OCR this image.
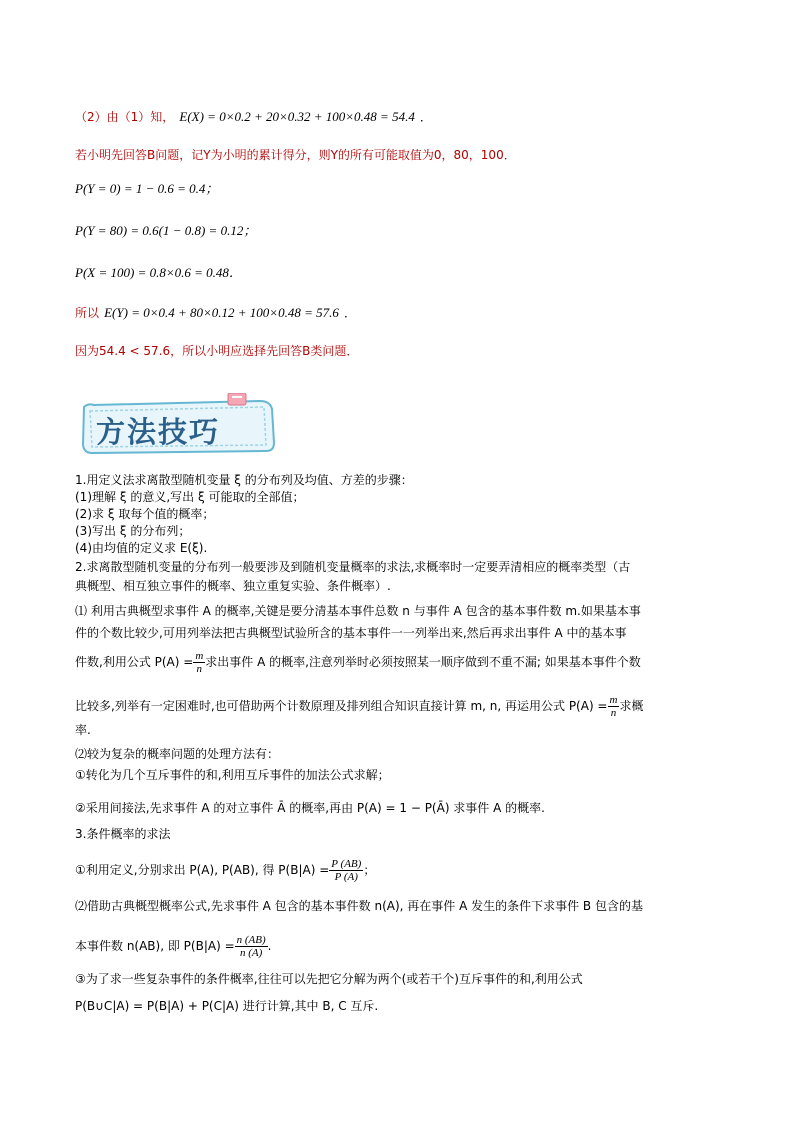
（2）由（1）知， E(X) = 0×0.2 + 20×0.32 + 100×0.48 = 54.4 ．
若小明先回答B问题，记Y为小明的累计得分，则Y的所有可能取值为0，80，100．
P(Y = 0) = 1 − 0.6 = 0.4；
P(Y = 80) = 0.6(1 − 0.8) = 0.12；
P(X = 100) = 0.8×0.6 = 0.48．
所以 E(Y) = 0×0.4 + 80×0.12 + 100×0.48 = 57.6 ．
因为54.4 < 57.6，所以小明应选择先回答B类问题．
方法技巧
1.用定义法求离散型随机变量 ξ 的分布列及均值、方差的步骤：
(1)理解 ξ 的意义,写出 ξ 可能取的全部值；
(2)求 ξ 取每个值的概率；
(3)写出 ξ 的分布列；
(4)由均值的定义求 E(ξ).
2.求离散型随机变量的分布列一般要涉及到随机变量概率的求法,求概率时一定要弄清相应的概率类型（古
典概型、相互独立事件的概率、独立重复实验、条件概率）.
⑴ 利用古典概型求事件 A 的概率,关键是要分清基本事件总数 n 与事件 A 包含的基本事件数 m.如果基本事
件的个数比较少,可用列举法把古典概型试验所含的基本事件一一列举出来,然后再求出事件 A 中的基本事
件数,利用公式 $P(A) = \frac{m}{n}$ 求出事件 A 的概率,注意列举时必须按照某一顺序做到不重不漏; 如果基本事件个数
比较多,列举有一定困难时,也可借助两个计数原理及排列组合知识直接计算 m, n, 再运用公式 $P(A) = \frac{m}{n}$ 求概
率.
⑵较为复杂的概率问题的处理方法有：
①转化为几个互斥事件的和,利用互斥事件的加法公式求解；
②采用间接法,先求事件 A 的对立事件 Ā 的概率,再由 P(A) = 1 − P(Ā) 求事件 A 的概率.
3.条件概率的求法
①利用定义,分别求出 P(A), P(AB), 得 $P(B|A) = \frac{P (AB)}{P (A)}$ ；
⑵借助古典概型概率公式,先求事件 A 包含的基本事件数 n(A), 再在事件 A 发生的条件下求事件 B 包含的基
本事件数 n(AB), 即 $P(B|A) = \frac{n (AB)}{n (A)}$ .
③为了求一些复杂事件的条件概率,往往可以先把它分解为两个(或若干个)互斥事件的和,利用公式
P(B∪C|A) = P(B|A) + P(C|A) 进行计算,其中 B, C 互斥.
